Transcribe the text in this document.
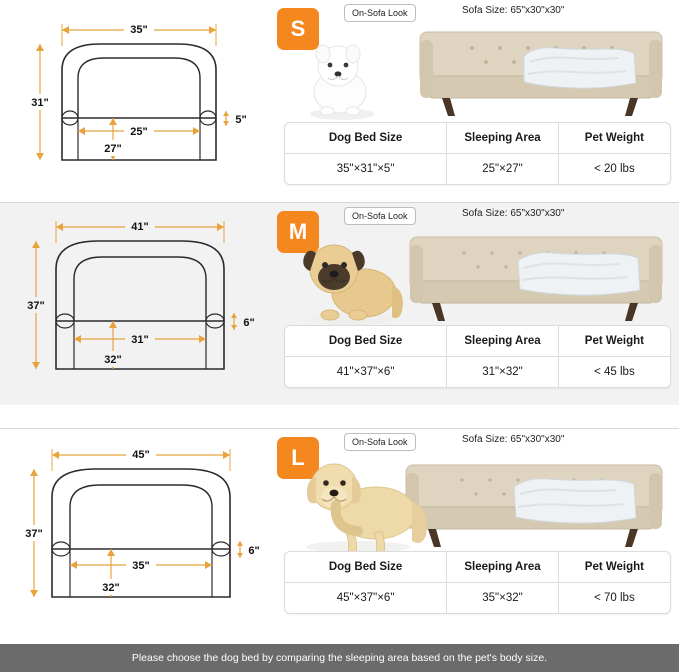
35"
31"
25"
27"
5"
S
On-Sofa Look	Sofa Size: 65"x30"x30"
Dog Bed Size	Sleeping Area	Pet Weight
35"×31"×5"	25"×27"	< 20 lbs
41"
37"
31"
32"
6"
M
On-Sofa Look	Sofa Size: 65"x30"x30"
Dog Bed Size	Sleeping Area	Pet Weight
41"×37"×6"	31"×32"	< 45 lbs
45"
37"
35"
32"
6"
L
On-Sofa Look	Sofa Size: 65"x30"x30"
Dog Bed Size	Sleeping Area	Pet Weight
45"×37"×6"	35"×32"	< 70 lbs
Please choose the dog bed by comparing the sleeping area based on the pet's body size.
